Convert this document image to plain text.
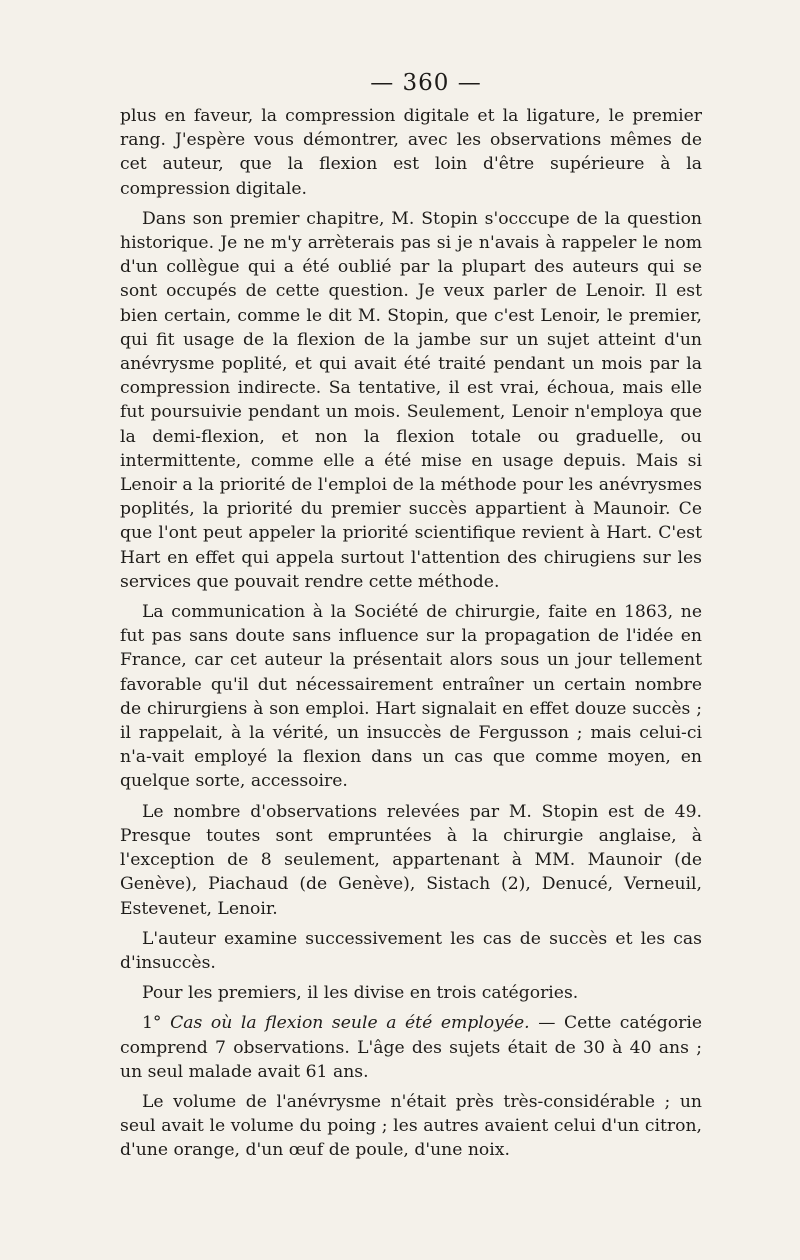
— 360 —

plus en faveur, la compression digitale et la ligature, le premier rang. J'espère vous démontrer, avec les observations mêmes de cet auteur, que la flexion est loin d'être supérieure à la compression digitale.

Dans son premier chapitre, M. Stopin s'occcupe de la question historique. Je ne m'y arrèterais pas si je n'avais à rappeler le nom d'un collègue qui a été oublié par la plupart des auteurs qui se sont occupés de cette question. Je veux parler de Lenoir. Il est bien certain, comme le dit M. Stopin, que c'est Lenoir, le premier, qui fit usage de la flexion de la jambe sur un sujet atteint d'un anévrysme poplité, et qui avait été traité pendant un mois par la compression indirecte. Sa tentative, il est vrai, échoua, mais elle fut poursuivie pendant un mois. Seulement, Lenoir n'employa que la demi-flexion, et non la flexion totale ou graduelle, ou intermittente, comme elle a été mise en usage depuis. Mais si Lenoir a la priorité de l'emploi de la méthode pour les anévrysmes poplités, la priorité du premier succès appartient à Maunoir. Ce que l'ont peut appeler la priorité scientifique revient à Hart. C'est Hart en effet qui appela surtout l'attention des chirugiens sur les services que pouvait rendre cette méthode.

La communication à la Société de chirurgie, faite en 1863, ne fut pas sans doute sans influence sur la propagation de l'idée en France, car cet auteur la présentait alors sous un jour tellement favorable qu'il dut nécessairement entraîner un certain nombre de chirurgiens à son emploi. Hart signalait en effet douze succès ; il rappelait, à la vérité, un insuccès de Fergusson ; mais celui-ci n'a-vait employé la flexion dans un cas que comme moyen, en quelque sorte, accessoire.

Le nombre d'observations relevées par M. Stopin est de 49. Presque toutes sont empruntées à la chirurgie anglaise, à l'exception de 8 seulement, appartenant à MM. Maunoir (de Genève), Piachaud (de Genève), Sistach (2), Denucé, Verneuil, Estevenet, Lenoir.

L'auteur examine successivement les cas de succès et les cas d'insuccès.

Pour les premiers, il les divise en trois catégories.

1° Cas où la flexion seule a été employée. — Cette catégorie comprend 7 observations. L'âge des sujets était de 30 à 40 ans ; un seul malade avait 61 ans.

Le volume de l'anévrysme n'était près très-considérable ; un seul avait le volume du poing ; les autres avaient celui d'un citron, d'une orange, d'un œuf de poule, d'une noix.
